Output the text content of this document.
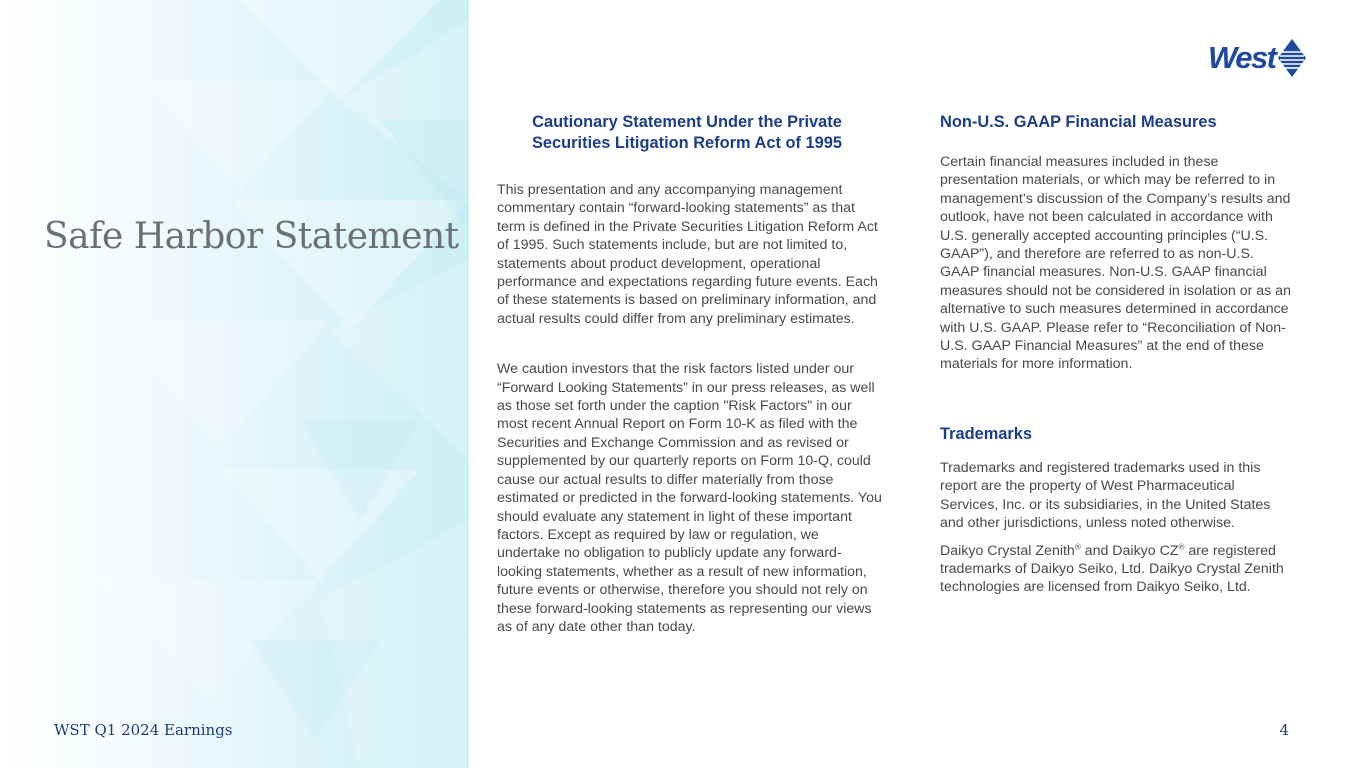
Safe Harbor Statement
WST Q1 2024 Earnings	4
West
Cautionary Statement Under the Private
Securities Litigation Reform Act of 1995

This presentation and any accompanying management commentary contain “forward-looking statements” as that term is defined in the Private Securities Litigation Reform Act of 1995. Such statements include, but are not limited to, statements about product development, operational performance and expectations regarding future events. Each of these statements is based on preliminary information, and actual results could differ from any preliminary estimates.

We caution investors that the risk factors listed under our “Forward Looking Statements” in our press releases, as well as those set forth under the caption "Risk Factors" in our most recent Annual Report on Form 10-K as filed with the Securities and Exchange Commission and as revised or supplemented by our quarterly reports on Form 10-Q, could cause our actual results to differ materially from those estimated or predicted in the forward-looking statements. You should evaluate any statement in light of these important factors. Except as required by law or regulation, we undertake no obligation to publicly update any forward-looking statements, whether as a result of new information, future events or otherwise, therefore you should not rely on these forward-looking statements as representing our views as of any date other than today.

Non-U.S. GAAP Financial Measures

Certain financial measures included in these presentation materials, or which may be referred to in management’s discussion of the Company’s results and outlook, have not been calculated in accordance with U.S. generally accepted accounting principles (“U.S. GAAP”), and therefore are referred to as non-U.S. GAAP financial measures. Non-U.S. GAAP financial measures should not be considered in isolation or as an alternative to such measures determined in accordance with U.S. GAAP. Please refer to “Reconciliation of Non-U.S. GAAP Financial Measures” at the end of these materials for more information.

Trademarks

Trademarks and registered trademarks used in this report are the property of West Pharmaceutical Services, Inc. or its subsidiaries, in the United States and other jurisdictions, unless noted otherwise.

Daikyo Crystal Zenith® and Daikyo CZ® are registered trademarks of Daikyo Seiko, Ltd. Daikyo Crystal Zenith technologies are licensed from Daikyo Seiko, Ltd.
